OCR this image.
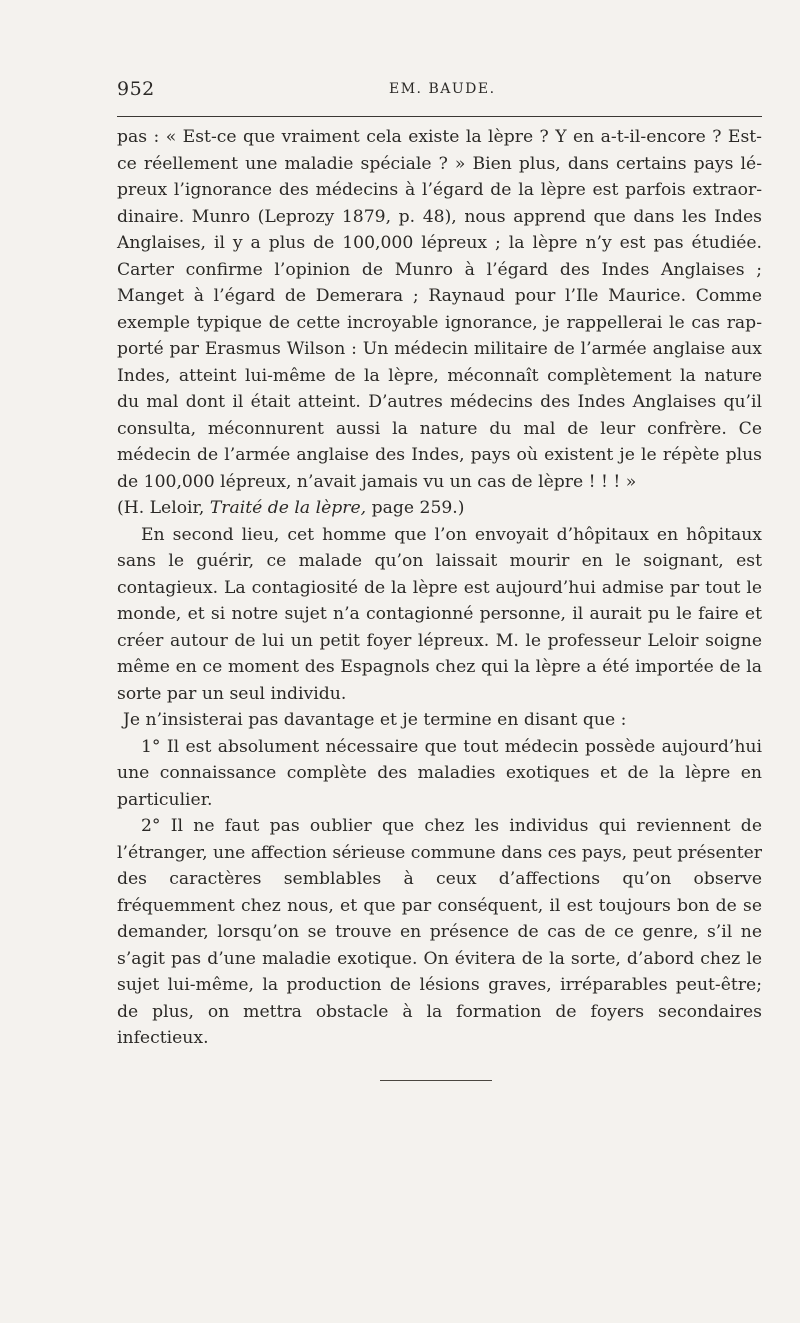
952	EM. BAUDE.

pas : « Est-ce que vraiment cela existe la lèpre ? Y en a-t-il-encore ? Est-ce réellement une maladie spéciale ? » Bien plus, dans certains pays lépreux l’ignorance des médecins à l’égard de la lèpre est parfois extraordinaire. Munro (Leprozy 1879, p. 48), nous apprend que dans les Indes Anglaises, il y a plus de 100,000 lépreux ; la lèpre n’y est pas étudiée. Carter confirme l’opinion de Munro à l’égard des Indes Anglaises ; Manget à l’égard de Demerara ; Raynaud pour l’Ile Maurice. Comme exemple typique de cette incroyable ignorance, je rappellerai le cas rapporté par Erasmus Wilson : Un médecin militaire de l’armée anglaise aux Indes, atteint lui-même de la lèpre, méconnaît complètement la nature du mal dont il était atteint. D’autres médecins des Indes Anglaises qu’il consulta, méconnurent aussi la nature du mal de leur confrère. Ce médecin de l’armée anglaise des Indes, pays où existent je le répète plus de 100,000 lépreux, n’avait jamais vu un cas de lèpre ! ! ! »

(H. Leloir, Traité de la lèpre, page 259.)

En second lieu, cet homme que l’on envoyait d’hôpitaux en hôpitaux sans le guérir, ce malade qu’on laissait mourir en le soignant, est contagieux. La contagiosité de la lèpre est aujourd’hui admise par tout le monde, et si notre sujet n’a contagionné personne, il aurait pu le faire et créer autour de lui un petit foyer lépreux. M. le professeur Leloir soigne même en ce moment des Espagnols chez qui la lèpre a été importée de la sorte par un seul individu.

Je n’insisterai pas davantage et je termine en disant que :

1° Il est absolument nécessaire que tout médecin possède aujourd’hui une connaissance complète des maladies exotiques et de la lèpre en particulier.

2° Il ne faut pas oublier que chez les individus qui reviennent de l’étranger, une affection sérieuse commune dans ces pays, peut présenter des caractères semblables à ceux d’affections qu’on observe fréquemment chez nous, et que par conséquent, il est toujours bon de se demander, lorsqu’on se trouve en présence de cas de ce genre, s’il ne s’agit pas d’une maladie exotique. On évitera de la sorte, d’abord chez le sujet lui-même, la production de lésions graves, irréparables peut-être; de plus, on mettra obstacle à la formation de foyers secondaires infectieux.
